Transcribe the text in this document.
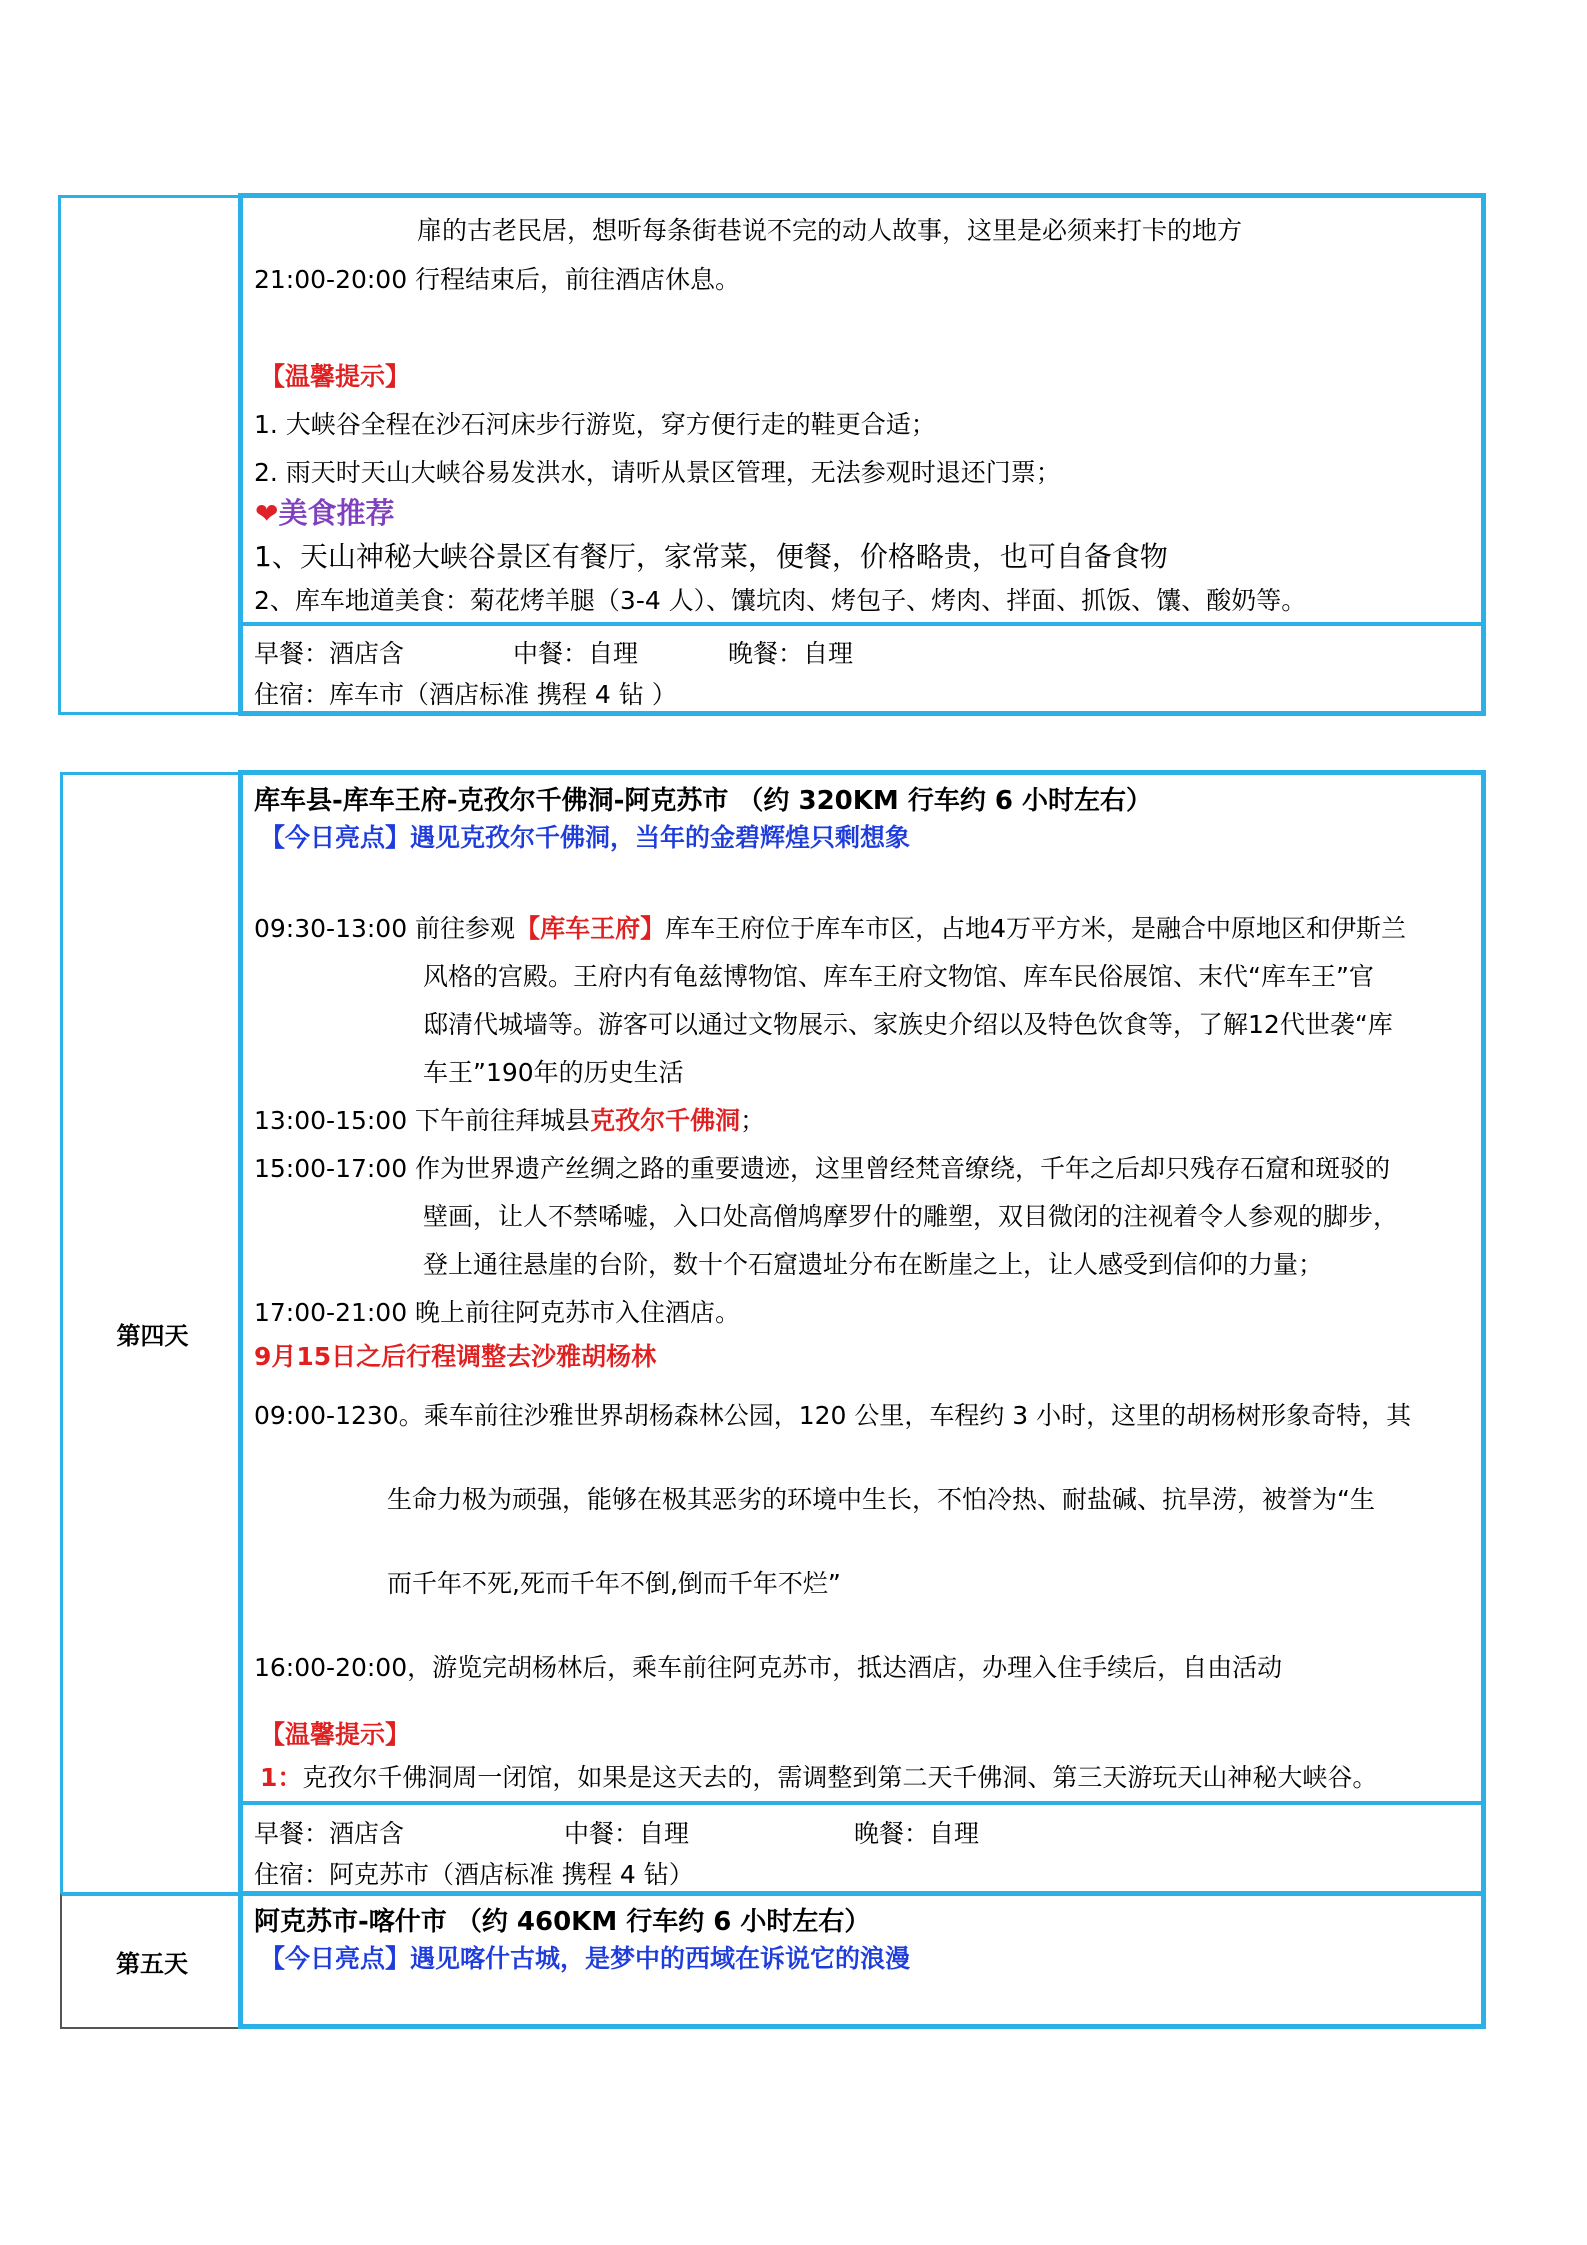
扉的古老民居，想听每条街巷说不完的动人故事，这里是必须来打卡的地方
21:00-20:00 行程结束后，前往酒店休息。
【温馨提示】
1. 大峡谷全程在沙石河床步行游览，穿方便行走的鞋更合适；
2. 雨天时天山大峡谷易发洪水，请听从景区管理，无法参观时退还门票；
❤美食推荐
1、天山神秘大峡谷景区有餐厅，家常菜，便餐，价格略贵，也可自备食物
2、库车地道美食：菊花烤羊腿（3-4 人）、馕坑肉、烤包子、烤肉、拌面、抓饭、馕、酸奶等。
早餐：酒店含	中餐：自理	晚餐：自理
住宿：库车市（酒店标准 携程 4 钻 ）
第四天
库车县-库车王府-克孜尔千佛洞-阿克苏市 （约 320KM 行车约 6 小时左右）
【今日亮点】遇见克孜尔千佛洞，当年的金碧辉煌只剩想象
09:30-13:00 前往参观【库车王府】库车王府位于库车市区，占地4万平方米，是融合中原地区和伊斯兰
风格的宫殿。王府内有龟兹博物馆、库车王府文物馆、库车民俗展馆、末代“库车王”官
邸清代城墙等。游客可以通过文物展示、家族史介绍以及特色饮食等，了解12代世袭“库
车王”190年的历史生活
13:00-15:00 下午前往拜城县克孜尔千佛洞；
15:00-17:00 作为世界遗产丝绸之路的重要遗迹，这里曾经梵音缭绕，千年之后却只残存石窟和斑驳的
壁画，让人不禁唏嘘，入口处高僧鸠摩罗什的雕塑，双目微闭的注视着令人参观的脚步，
登上通往悬崖的台阶，数十个石窟遗址分布在断崖之上，让人感受到信仰的力量；
17:00-21:00 晚上前往阿克苏市入住酒店。
9月15日之后行程调整去沙雅胡杨林
09:00-1230。乘车前往沙雅世界胡杨森林公园，120 公里，车程约 3 小时，这里的胡杨树形象奇特，其
生命力极为顽强，能够在极其恶劣的环境中生长，不怕冷热、耐盐碱、抗旱涝，被誉为“生
而千年不死,死而千年不倒,倒而千年不烂”
16:00-20:00，游览完胡杨林后，乘车前往阿克苏市，抵达酒店，办理入住手续后，自由活动
【温馨提示】
1：克孜尔千佛洞周一闭馆，如果是这天去的，需调整到第二天千佛洞、第三天游玩天山神秘大峡谷。
早餐：酒店含	中餐：自理	晚餐：自理
住宿：阿克苏市（酒店标准 携程 4 钻）
第五天
阿克苏市-喀什市 （约 460KM 行车约 6 小时左右）
【今日亮点】遇见喀什古城，是梦中的西域在诉说它的浪漫
